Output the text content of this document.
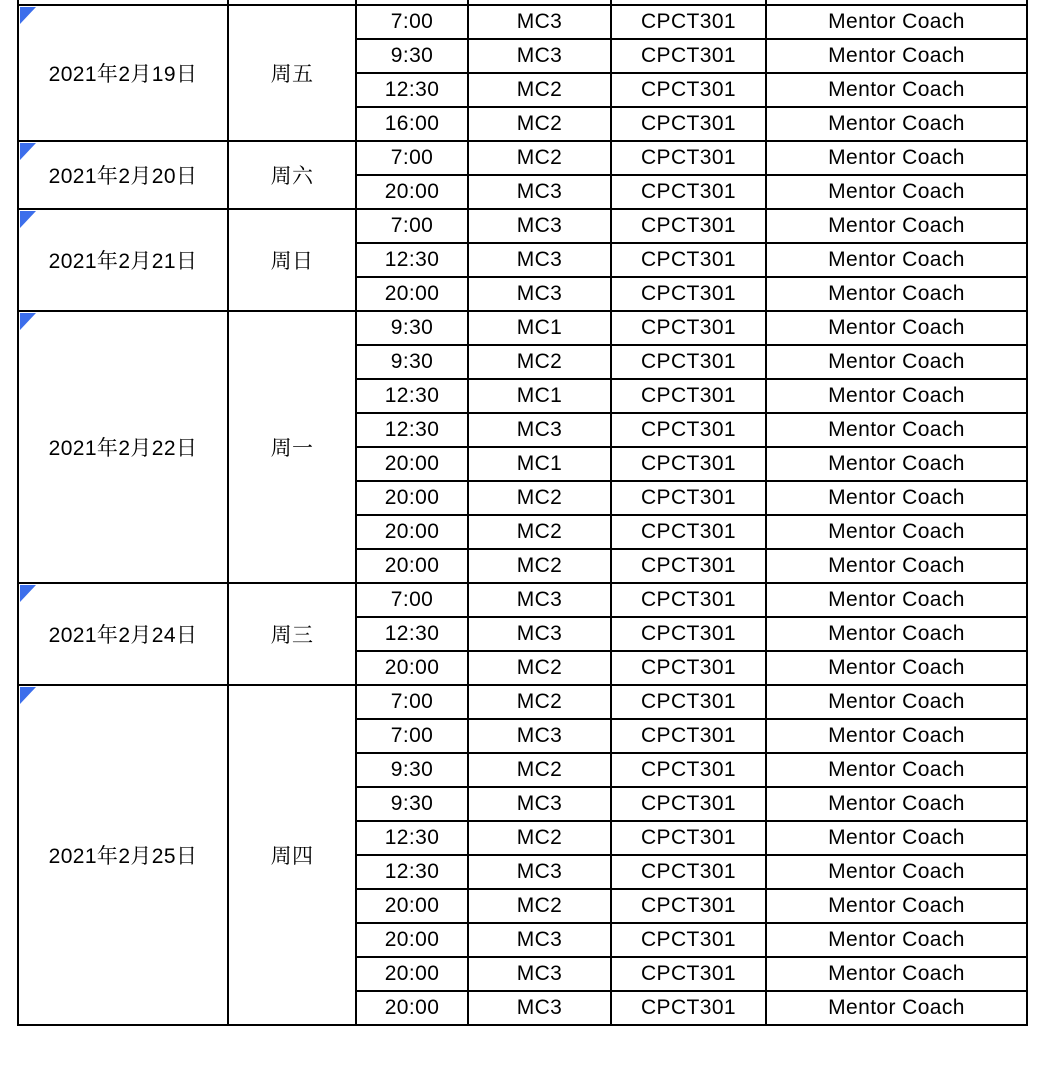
2021年2月19日	周五	7:00	MC3	CPCT301	Mentor Coach
		9:30	MC3	CPCT301	Mentor Coach
		12:30	MC2	CPCT301	Mentor Coach
		16:00	MC2	CPCT301	Mentor Coach

2021年2月20日	周六	7:00	MC2	CPCT301	Mentor Coach
		20:00	MC3	CPCT301	Mentor Coach

2021年2月21日	周日	7:00	MC3	CPCT301	Mentor Coach
		12:30	MC3	CPCT301	Mentor Coach
		20:00	MC3	CPCT301	Mentor Coach

2021年2月22日	周一	9:30	MC1	CPCT301	Mentor Coach
		9:30	MC2	CPCT301	Mentor Coach
		12:30	MC1	CPCT301	Mentor Coach
		12:30	MC3	CPCT301	Mentor Coach
		20:00	MC1	CPCT301	Mentor Coach
		20:00	MC2	CPCT301	Mentor Coach
		20:00	MC2	CPCT301	Mentor Coach
		20:00	MC2	CPCT301	Mentor Coach

2021年2月24日	周三	7:00	MC3	CPCT301	Mentor Coach
		12:30	MC3	CPCT301	Mentor Coach
		20:00	MC2	CPCT301	Mentor Coach

2021年2月25日	周四	7:00	MC2	CPCT301	Mentor Coach
		7:00	MC3	CPCT301	Mentor Coach
		9:30	MC2	CPCT301	Mentor Coach
		9:30	MC3	CPCT301	Mentor Coach
		12:30	MC2	CPCT301	Mentor Coach
		12:30	MC3	CPCT301	Mentor Coach
		20:00	MC2	CPCT301	Mentor Coach
		20:00	MC3	CPCT301	Mentor Coach
		20:00	MC3	CPCT301	Mentor Coach
		20:00	MC3	CPCT301	Mentor Coach
